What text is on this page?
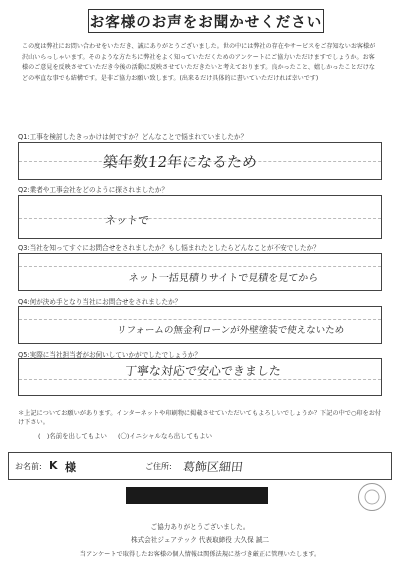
お客様のお声をお聞かせください
この度は弊社にお問い合わせをいただき、誠にありがとうございました。世の中には弊社の存在やサービスをご存知ないお客様が沢山いらっしゃいます。そのような方たちに弊社をよく知っていただくためのアンケートにご協力いただけますでしょうか。お客様のご意見を反映させていただき今後の活動に反映させていただきたいと考えております。良かったこと、嬉しかったことだけなどの率直な事でも結構です。是非ご協力お願い致します。(出来るだけ具体的に書いていただければ幸いです)
Q1:工事を検討したきっかけは何ですか？どんなことで悩まれていましたか？
築年数12年になるため
Q2:業者や工事会社をどのように探されましたか？
ネットで
Q3:当社を知ってすぐにお問合せをされましたか？もし悩まれたとしたらどんなことが不安でしたか？
ネット一括見積りサイトで見積を見てから
Q4:何が決め手となり当社にお問合せをされましたか？
リフォームの無金利ローンが外壁塗装で使えないため
Q5:実際に当社担当者がお伺いしていかがでしたでしょうか？
丁寧な対応で安心できました
＊上記についてお願いがあります。インターネットや印刷物に掲載させていただいてもよろしいでしょうか？下記の中で○印をお付け下さい。
(　)名前を出してもよい (〇)イニシャルなら出してもよい
お名前: K 様	ご住所: 葛飾区細田
ご協力ありがとうございました。
株式会社ジェアテック 代表取締役 大久保 誠二
当アンケートで取得したお客様の個人情報は関係法規に基づき厳正に管理いたします。
